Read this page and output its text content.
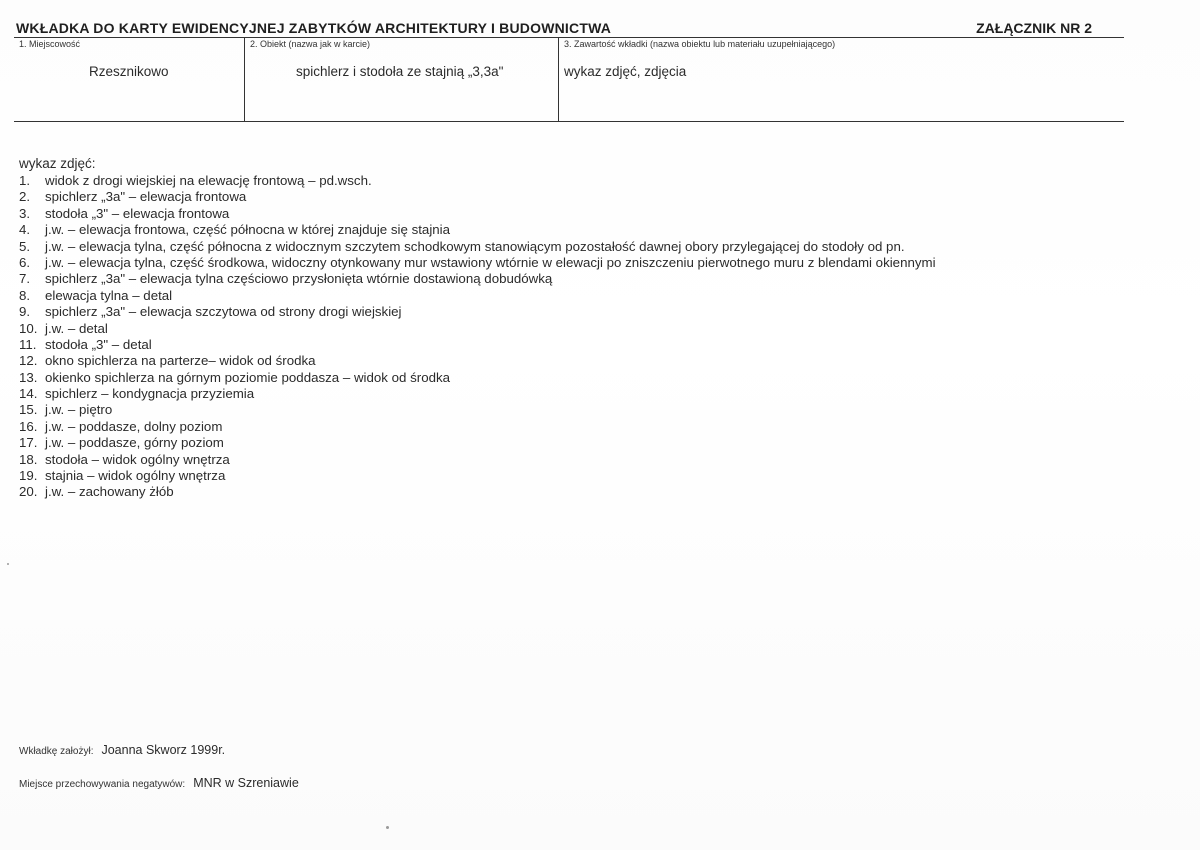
WKŁADKA DO KARTY EWIDENCYJNEJ ZABYTKÓW ARCHITEKTURY I BUDOWNICTWA	ZAŁĄCZNIK NR 2
1. Miejscowość
Rzesznikowo
2. Obiekt (nazwa jak w karcie)
spichlerz i stodoła ze stajnią „3,3a"
3. Zawartość wkładki (nazwa obiektu lub materiału uzupełniającego)
wykaz zdjęć, zdjęcia
wykaz zdjęć:
1.	widok z drogi wiejskiej na elewację frontową – pd.wsch.
2.	spichlerz „3a" – elewacja frontowa
3.	stodoła „3" – elewacja frontowa
4.	j.w. – elewacja frontowa, część północna w której znajduje się stajnia
5.	j.w. – elewacja tylna, część północna z widocznym szczytem schodkowym stanowiącym pozostałość dawnej obory przylegającej do stodoły od pn.
6.	j.w. – elewacja tylna, część środkowa, widoczny otynkowany mur wstawiony wtórnie w elewacji po zniszczeniu pierwotnego muru z blendami okiennymi
7.	spichlerz „3a" – elewacja tylna częściowo przysłonięta wtórnie dostawioną dobudówką
8.	elewacja tylna – detal
9.	spichlerz „3a" – elewacja szczytowa od strony drogi wiejskiej
10. j.w. – detal
11. stodoła „3" – detal
12. okno spichlerza na parterze– widok od środka
13. okienko spichlerza na górnym poziomie poddasza – widok od środka
14. spichlerz – kondygnacja przyziemia
15. j.w. – piętro
16. j.w. – poddasze, dolny poziom
17. j.w. – poddasze, górny poziom
18. stodoła – widok ogólny wnętrza
19. stajnia – widok ogólny wnętrza
20. j.w. – zachowany żłób
Wkładkę założył: Joanna Skworz 1999r.
Miejsce przechowywania negatywów: MNR w Szreniawie
